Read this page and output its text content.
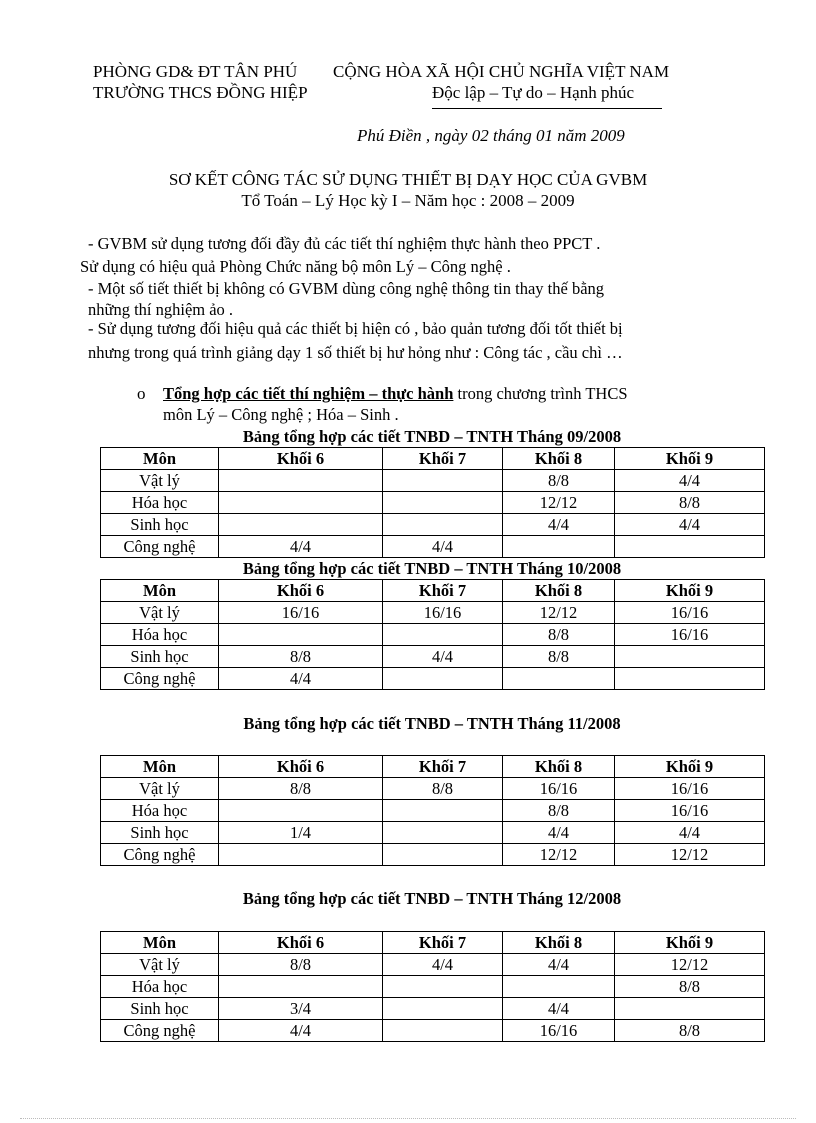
PHÒNG GD& ĐT TÂN PHÚ CỘNG HÒA XÃ HỘI CHỦ NGHĨA VIỆT NAM
TRƯỜNG THCS ĐỒNG HIỆP	Độc lập – Tự do – Hạnh phúc
Phú Điền , ngày 02 tháng 01 năm 2009
SƠ KẾT CÔNG TÁC SỬ DỤNG THIẾT BỊ DẠY HỌC CỦA GVBM
Tổ Toán – Lý Học kỳ I – Năm học : 2008 – 2009
- GVBM sử dụng tương đối đầy đủ các tiết thí nghiệm thực hành theo PPCT .
Sử dụng có hiệu quả Phòng Chức năng bộ môn Lý – Công nghệ .
- Một số tiết thiết bị không có GVBM dùng công nghệ thông tin thay thế bằng
những thí nghiệm ảo .
- Sử dụng tương đối hiệu quả các thiết bị hiện có , bảo quản tương đối tốt thiết bị
nhưng trong quá trình giảng dạy 1 số thiết bị hư hỏng như : Công tác , cầu chì …
o Tổng hợp các tiết thí nghiệm – thực hành trong chương trình THCS
môn Lý – Công nghệ ; Hóa – Sinh .
Bảng tổng hợp các tiết TNBD – TNTH Tháng 09/2008
Môn	Khối 6	Khối 7	Khối 8	Khối 9
Vật lý			8/8	4/4
Hóa học			12/12	8/8
Sinh học			4/4	4/4
Công nghệ	4/4	4/4		
Bảng tổng hợp các tiết TNBD – TNTH Tháng 10/2008
Môn	Khối 6	Khối 7	Khối 8	Khối 9
Vật lý	16/16	16/16	12/12	16/16
Hóa học			8/8	16/16
Sinh học	8/8	4/4	8/8	
Công nghệ	4/4			
Bảng tổng hợp các tiết TNBD – TNTH Tháng 11/2008
Môn	Khối 6	Khối 7	Khối 8	Khối 9
Vật lý	8/8	8/8	16/16	16/16
Hóa học			8/8	16/16
Sinh học	1/4		4/4	4/4
Công nghệ			12/12	12/12
Bảng tổng hợp các tiết TNBD – TNTH Tháng 12/2008
Môn	Khối 6	Khối 7	Khối 8	Khối 9
Vật lý	8/8	4/4	4/4	12/12
Hóa học				8/8
Sinh học	3/4		4/4	
Công nghệ	4/4		16/16	8/8
